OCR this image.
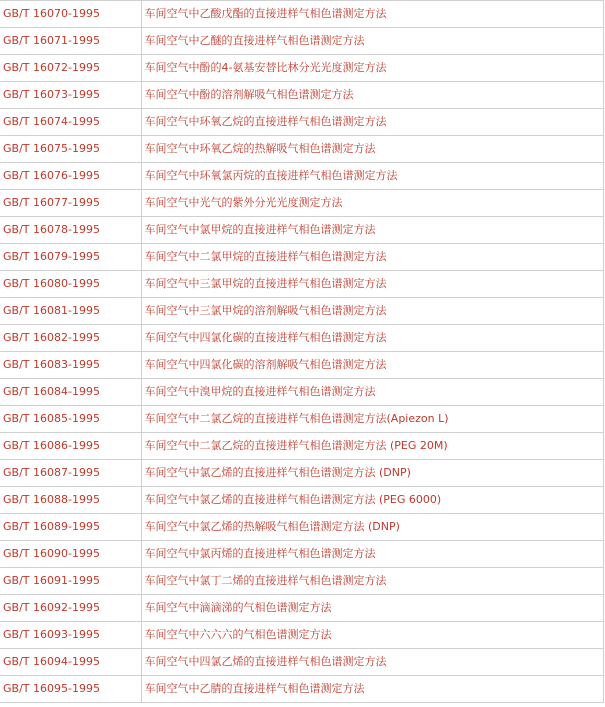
GB/T 16070-1995	车间空气中乙酸戊酯的直接进样气相色谱测定方法
GB/T 16071-1995	车间空气中乙醚的直接进样气相色谱测定方法
GB/T 16072-1995	车间空气中酚的4-氨基安替比林分光光度测定方法
GB/T 16073-1995	车间空气中酚的溶剂解吸气相色谱测定方法
GB/T 16074-1995	车间空气中环氧乙烷的直接进样气相色谱测定方法
GB/T 16075-1995	车间空气中环氧乙烷的热解吸气相色谱测定方法
GB/T 16076-1995	车间空气中环氧氯丙烷的直接进样气相色谱测定方法
GB/T 16077-1995	车间空气中光气的紫外分光光度测定方法
GB/T 16078-1995	车间空气中氯甲烷的直接进样气相色谱测定方法
GB/T 16079-1995	车间空气中二氯甲烷的直接进样气相色谱测定方法
GB/T 16080-1995	车间空气中三氯甲烷的直接进样气相色谱测定方法
GB/T 16081-1995	车间空气中三氯甲烷的溶剂解吸气相色谱测定方法
GB/T 16082-1995	车间空气中四氯化碳的直接进样气相色谱测定方法
GB/T 16083-1995	车间空气中四氯化碳的溶剂解吸气相色谱测定方法
GB/T 16084-1995	车间空气中溴甲烷的直接进样气相色谱测定方法
GB/T 16085-1995	车间空气中二氯乙烷的直接进样气相色谱测定方法(Apiezon L)
GB/T 16086-1995	车间空气中二氯乙烷的直接进样气相色谱测定方法 (PEG 20M)
GB/T 16087-1995	车间空气中氯乙烯的直接进样气相色谱测定方法 (DNP)
GB/T 16088-1995	车间空气中氯乙烯的直接进样气相色谱测定方法 (PEG 6000)
GB/T 16089-1995	车间空气中氯乙烯的热解吸气相色谱测定方法 (DNP)
GB/T 16090-1995	车间空气中氯丙烯的直接进样气相色谱测定方法
GB/T 16091-1995	车间空气中氯丁二烯的直接进样气相色谱测定方法
GB/T 16092-1995	车间空气中滴滴涕的气相色谱测定方法
GB/T 16093-1995	车间空气中六六六的气相色谱测定方法
GB/T 16094-1995	车间空气中四氯乙烯的直接进样气相色谱测定方法
GB/T 16095-1995	车间空气中乙腈的直接进样气相色谱测定方法
